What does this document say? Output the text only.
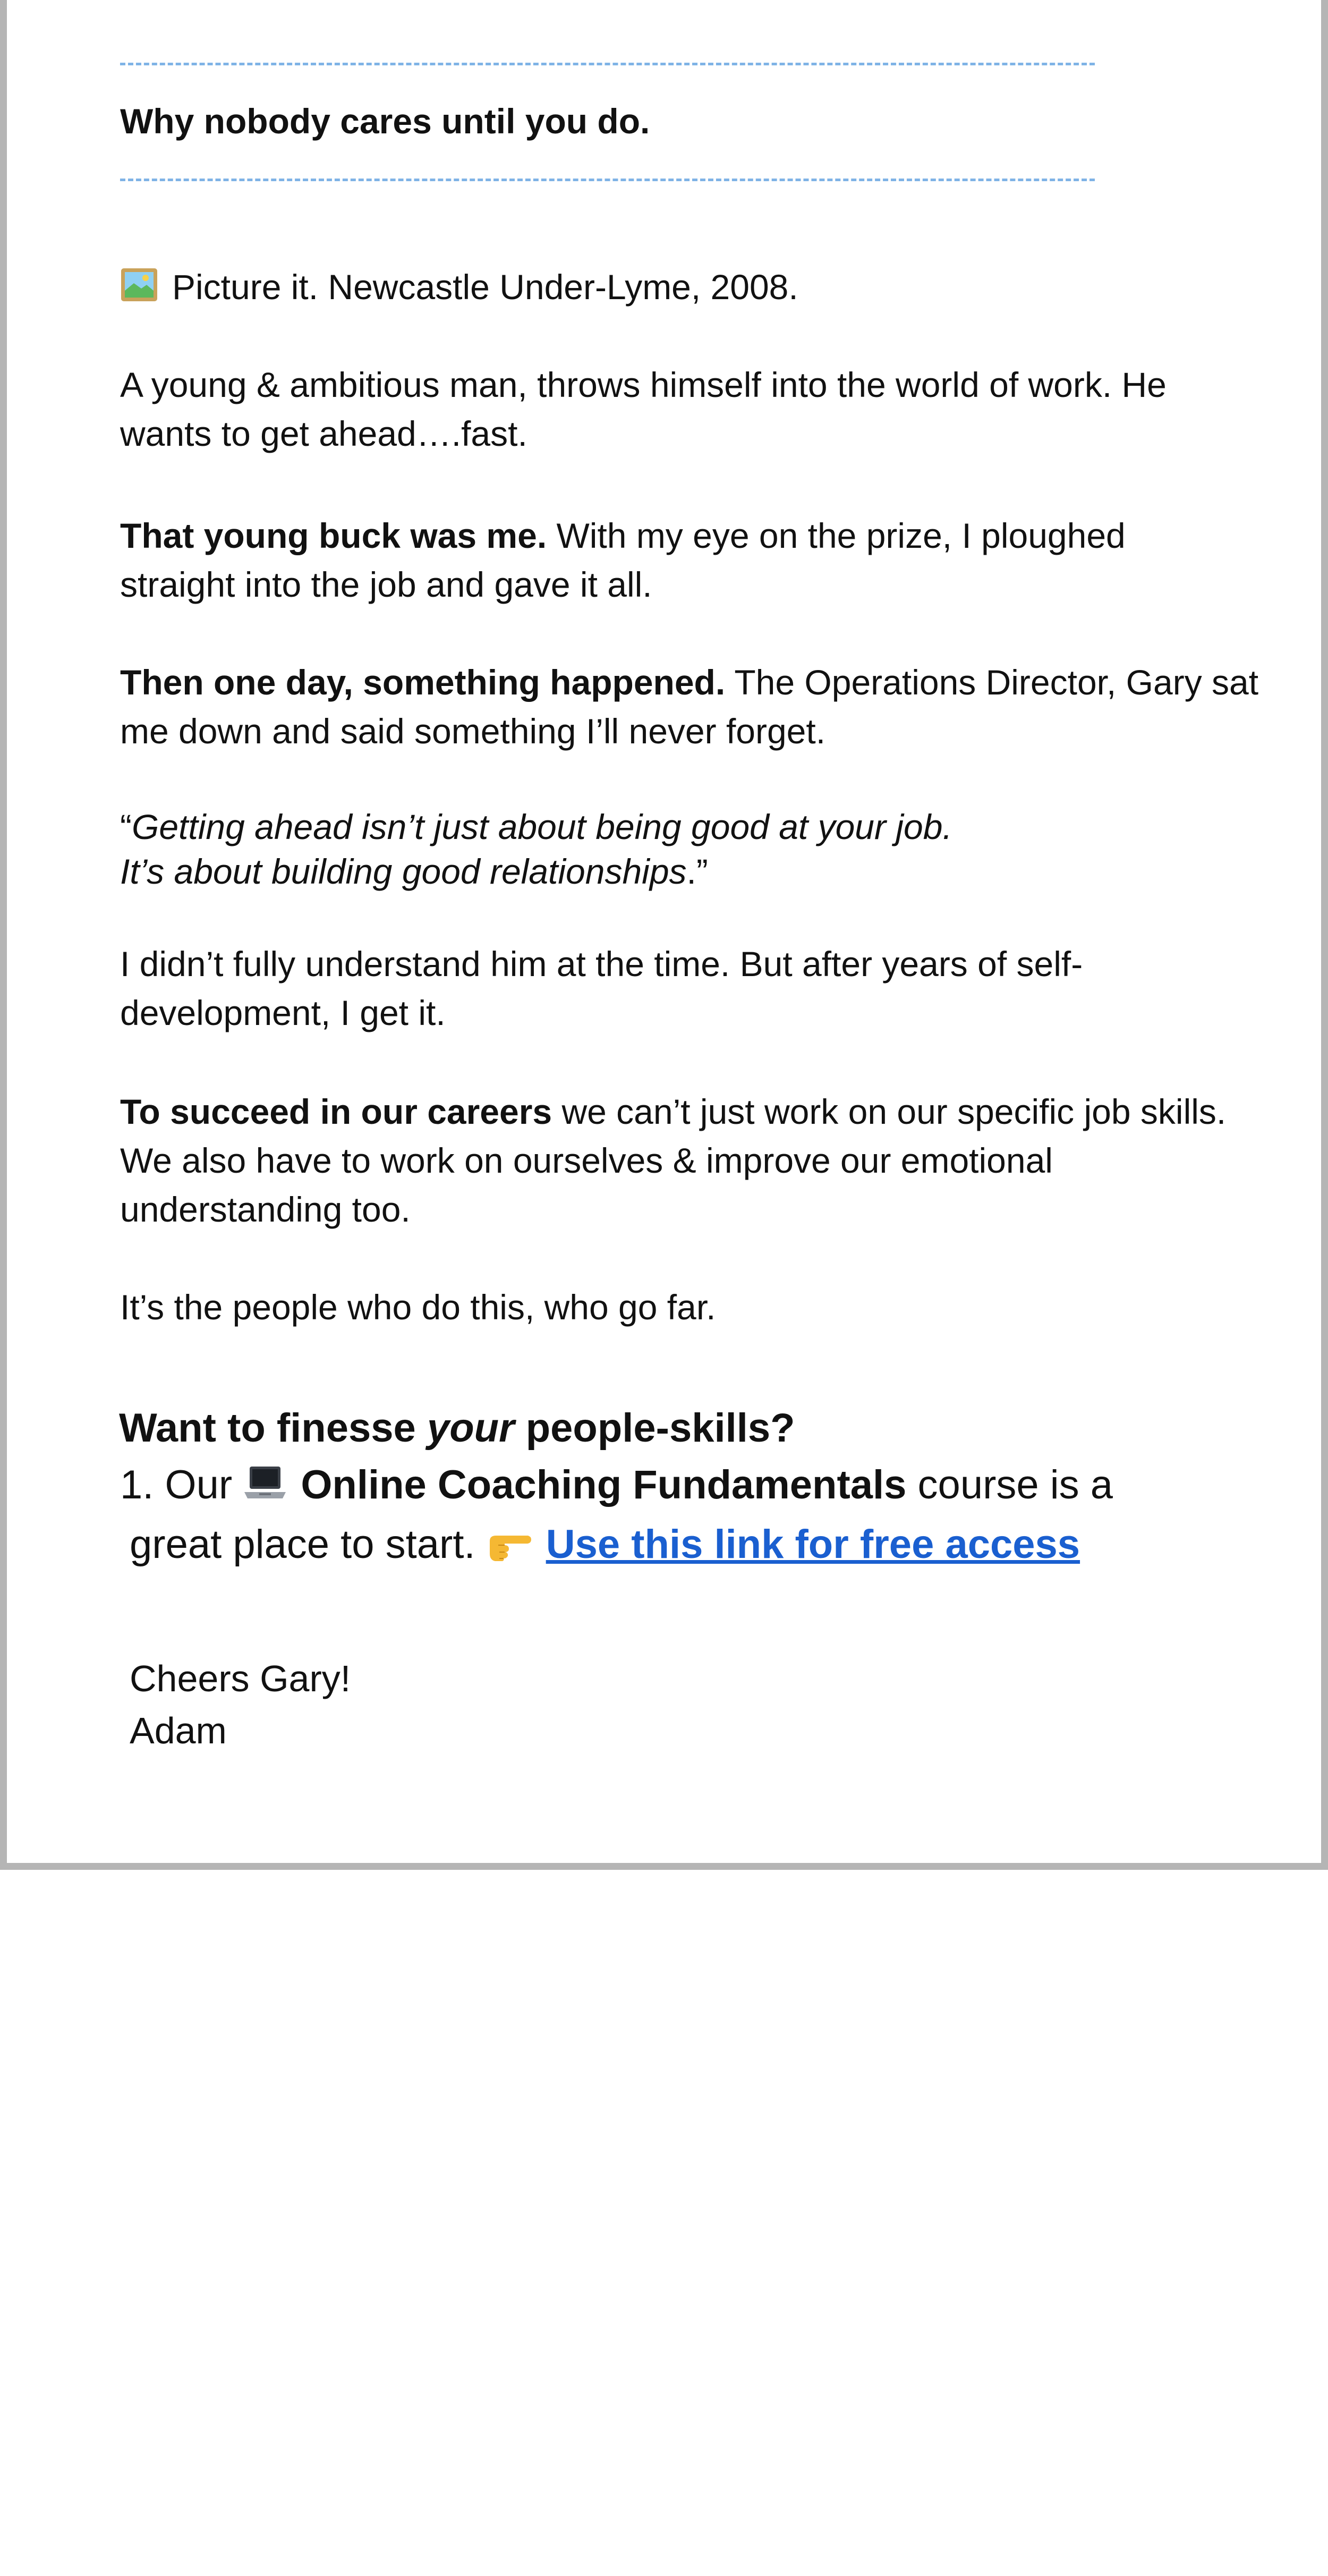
Why nobody cares until you do.

Picture it. Newcastle Under-Lyme, 2008.

A young & ambitious man, throws himself into the world of work. He wants to get ahead….fast.

That young buck was me. With my eye on the prize, I ploughed straight into the job and gave it all.

Then one day, something happened. The Operations Director, Gary sat me down and said something I’ll never forget.

“Getting ahead isn’t just about being good at your job.
It’s about building good relationships.”

I didn’t fully understand him at the time. But after years of self-development, I get it.

To succeed in our careers we can’t just work on our specific job skills. We also have to work on ourselves & improve our emotional understanding too.

It’s the people who do this, who go far.

Want to finesse your people-skills?
1. Our Online Coaching Fundamentals course is a
great place to start. Use this link for free access
Cheers Gary!
Adam
